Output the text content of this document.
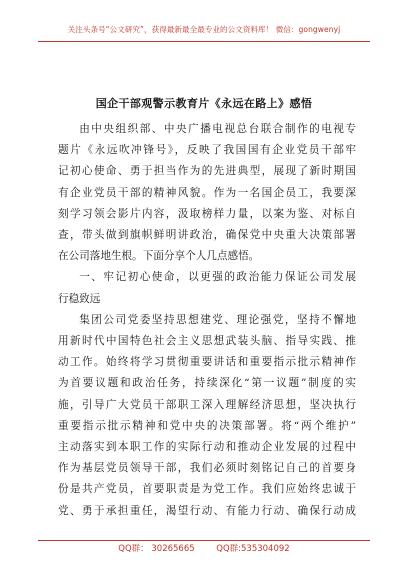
关注头条号“公文研究”，获得最新最全最专业的公文资料库！ 微信：gongwenyj
国企干部观警示教育片《永远在路上》感悟
由中央组织部、中央广播电视总台联合制作的电视专
题片《永远吹冲锋号》，反映了我国国有企业党员干部牢
记初心使命、勇于担当作为的先进典型，展现了新时期国
有企业党员干部的精神风貌。作为一名国企员工，我要深
刻学习领会影片内容，汲取榜样力量，以案为鉴、对标自
查，带头做到旗帜鲜明讲政治，确保党中央重大决策部署
在公司落地生根。下面分享个人几点感悟。
一、牢记初心使命，以更强的政治能力保证公司发展
行稳致远
集团公司党委坚持思想建党、理论强党，坚持不懈地
用新时代中国特色社会主义思想武装头脑、指导实践、推
动工作。始终将学习贯彻重要讲话和重要指示批示精神作
为首要议题和政治任务，持续深化“第一议题”制度的实
施，引导广大党员干部职工深入理解经济思想，坚决执行
重要指示批示精神和党中央的决策部署。将“两个维护”
主动落实到本职工作的实际行动和推动企业发展的过程中
作为基层党员领导干部，我们必须时刻铭记自己的首要身
份是共产党员，首要职责是为党工作。我们应始终忠诚于
党、勇于承担重任，渴望行动、有能力行动、确保行动成
QQ群： 30265665        QQ群:535304092
